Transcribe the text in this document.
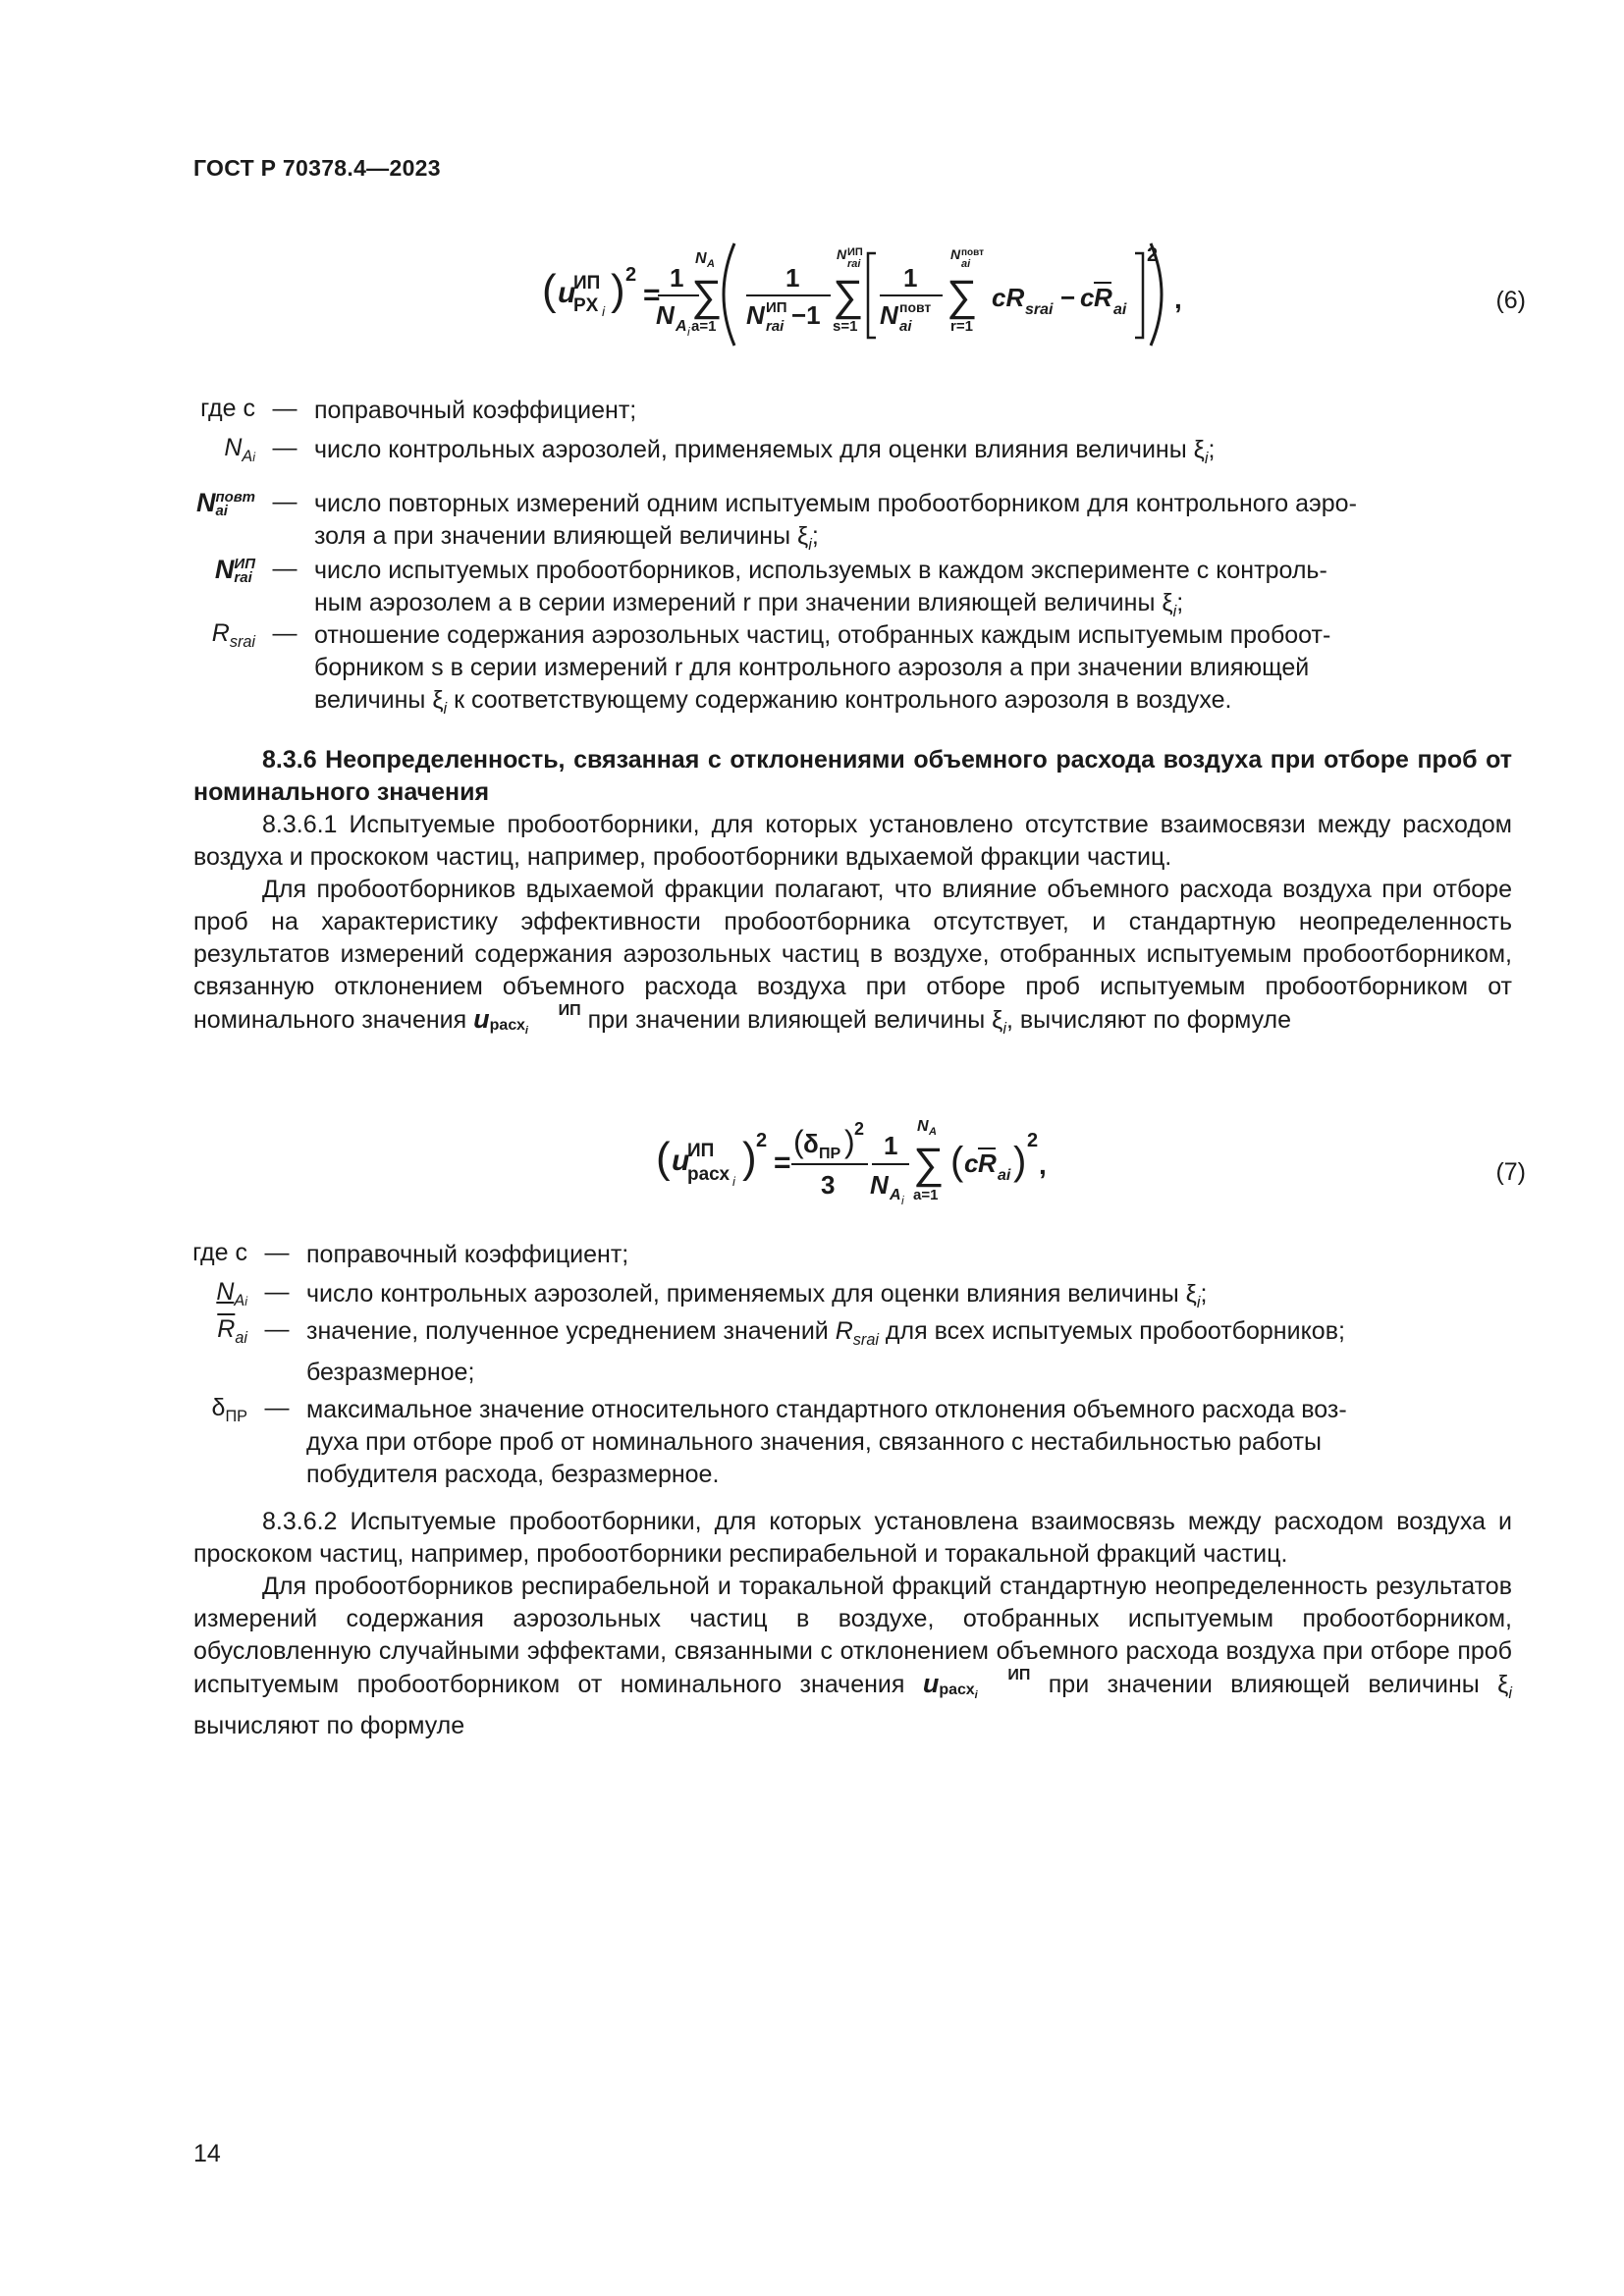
ГОСТ Р 70378.4—2023
( u
ИП
PX i ) 2
=
1
N A i
N A
∑
a=1
1
N ИП
rai −1
N ИП
rai
∑
s=1
1
N повт
ai
N повт
ai
∑
r=1
cR srai − c R ai
2
,	(6)
где c — поправочный коэффициент;
$N_{Ai}$ — число контрольных аэрозолей, применяемых для оценки влияния величины $\xi_i$;
Nповт
ai	— число повторных измерений одним испытуемым пробоотборником для контрольного аэро-
золя a при значении влияющей величины $\xi_i$;
NИП
rai — число испытуемых пробоотборников, используемых в каждом эксперименте с контроль-
ным аэрозолем a в серии измерений r при значении влияющей величины $\xi_i$;
$R_{srai}$ — отношение содержания аэрозольных частиц, отобранных каждым испытуемым пробоот-
борником s в серии измерений r для контрольного аэрозоля a при значении влияющей
величины $\xi_i$ к соответствующему содержанию контрольного аэрозоля в воздухе.

8.3.6 Неопределенность, связанная с отклонениями объемного расхода воздуха при отборе проб от номинального значения

8.3.6.1 Испытуемые пробоотборники, для которых установлено отсутствие взаимосвязи между расходом воздуха и проскоком частиц, например, пробоотборники вдыхаемой фракции частиц.

Для пробоотборников вдыхаемой фракции полагают, что влияние объемного расхода воздуха при отборе проб на характеристику эффективности пробоотборника отсутствует, и стандартную неопределенность результатов измерений содержания аэрозольных частиц в воздухе, отобранных испытуемым пробоотборником, связанную отклонением объемного расхода воздуха при отборе проб испытуемым пробоотборником от номинального значения u	ИП
расх$_i$ при значении влияющей величины $\xi_i$, вычисляют по формуле

( u
ИП
расх i ) 2
=
( δ ПР ) 2
3
1
N A i
N A
∑
a=1
( c R ai ) 2
,	(7)
где c — поправочный коэффициент;
$N_{Ai}$ — число контрольных аэрозолей, применяемых для оценки влияния величины $\xi_i$;
$\overline{R}_{ai}$ — значение, полученное усреднением значений $R_{srai}$ для всех испытуемых пробоотборников;
безразмерное;
$\delta_{ПР}$ — максимальное значение относительного стандартного отклонения объемного расхода воз-
духа при отборе проб от номинального значения, связанного с нестабильностью работы
побудителя расхода, безразмерное.

8.3.6.2 Испытуемые пробоотборники, для которых установлена взаимосвязь между расходом воздуха и проскоком частиц, например, пробоотборники респирабельной и торакальной фракций частиц.

Для пробоотборников респирабельной и торакальной фракций стандартную неопределенность результатов измерений содержания аэрозольных частиц в воздухе, отобранных испытуемым пробоотборником, обусловленную случайными эффектами, связанными с отклонением объемного расхода воздуха при отборе проб испытуемым пробоотборником от номинального значения u	ИП
расх$_i$	при значении влияющей величины $\xi_i$ вычисляют по формуле

14
